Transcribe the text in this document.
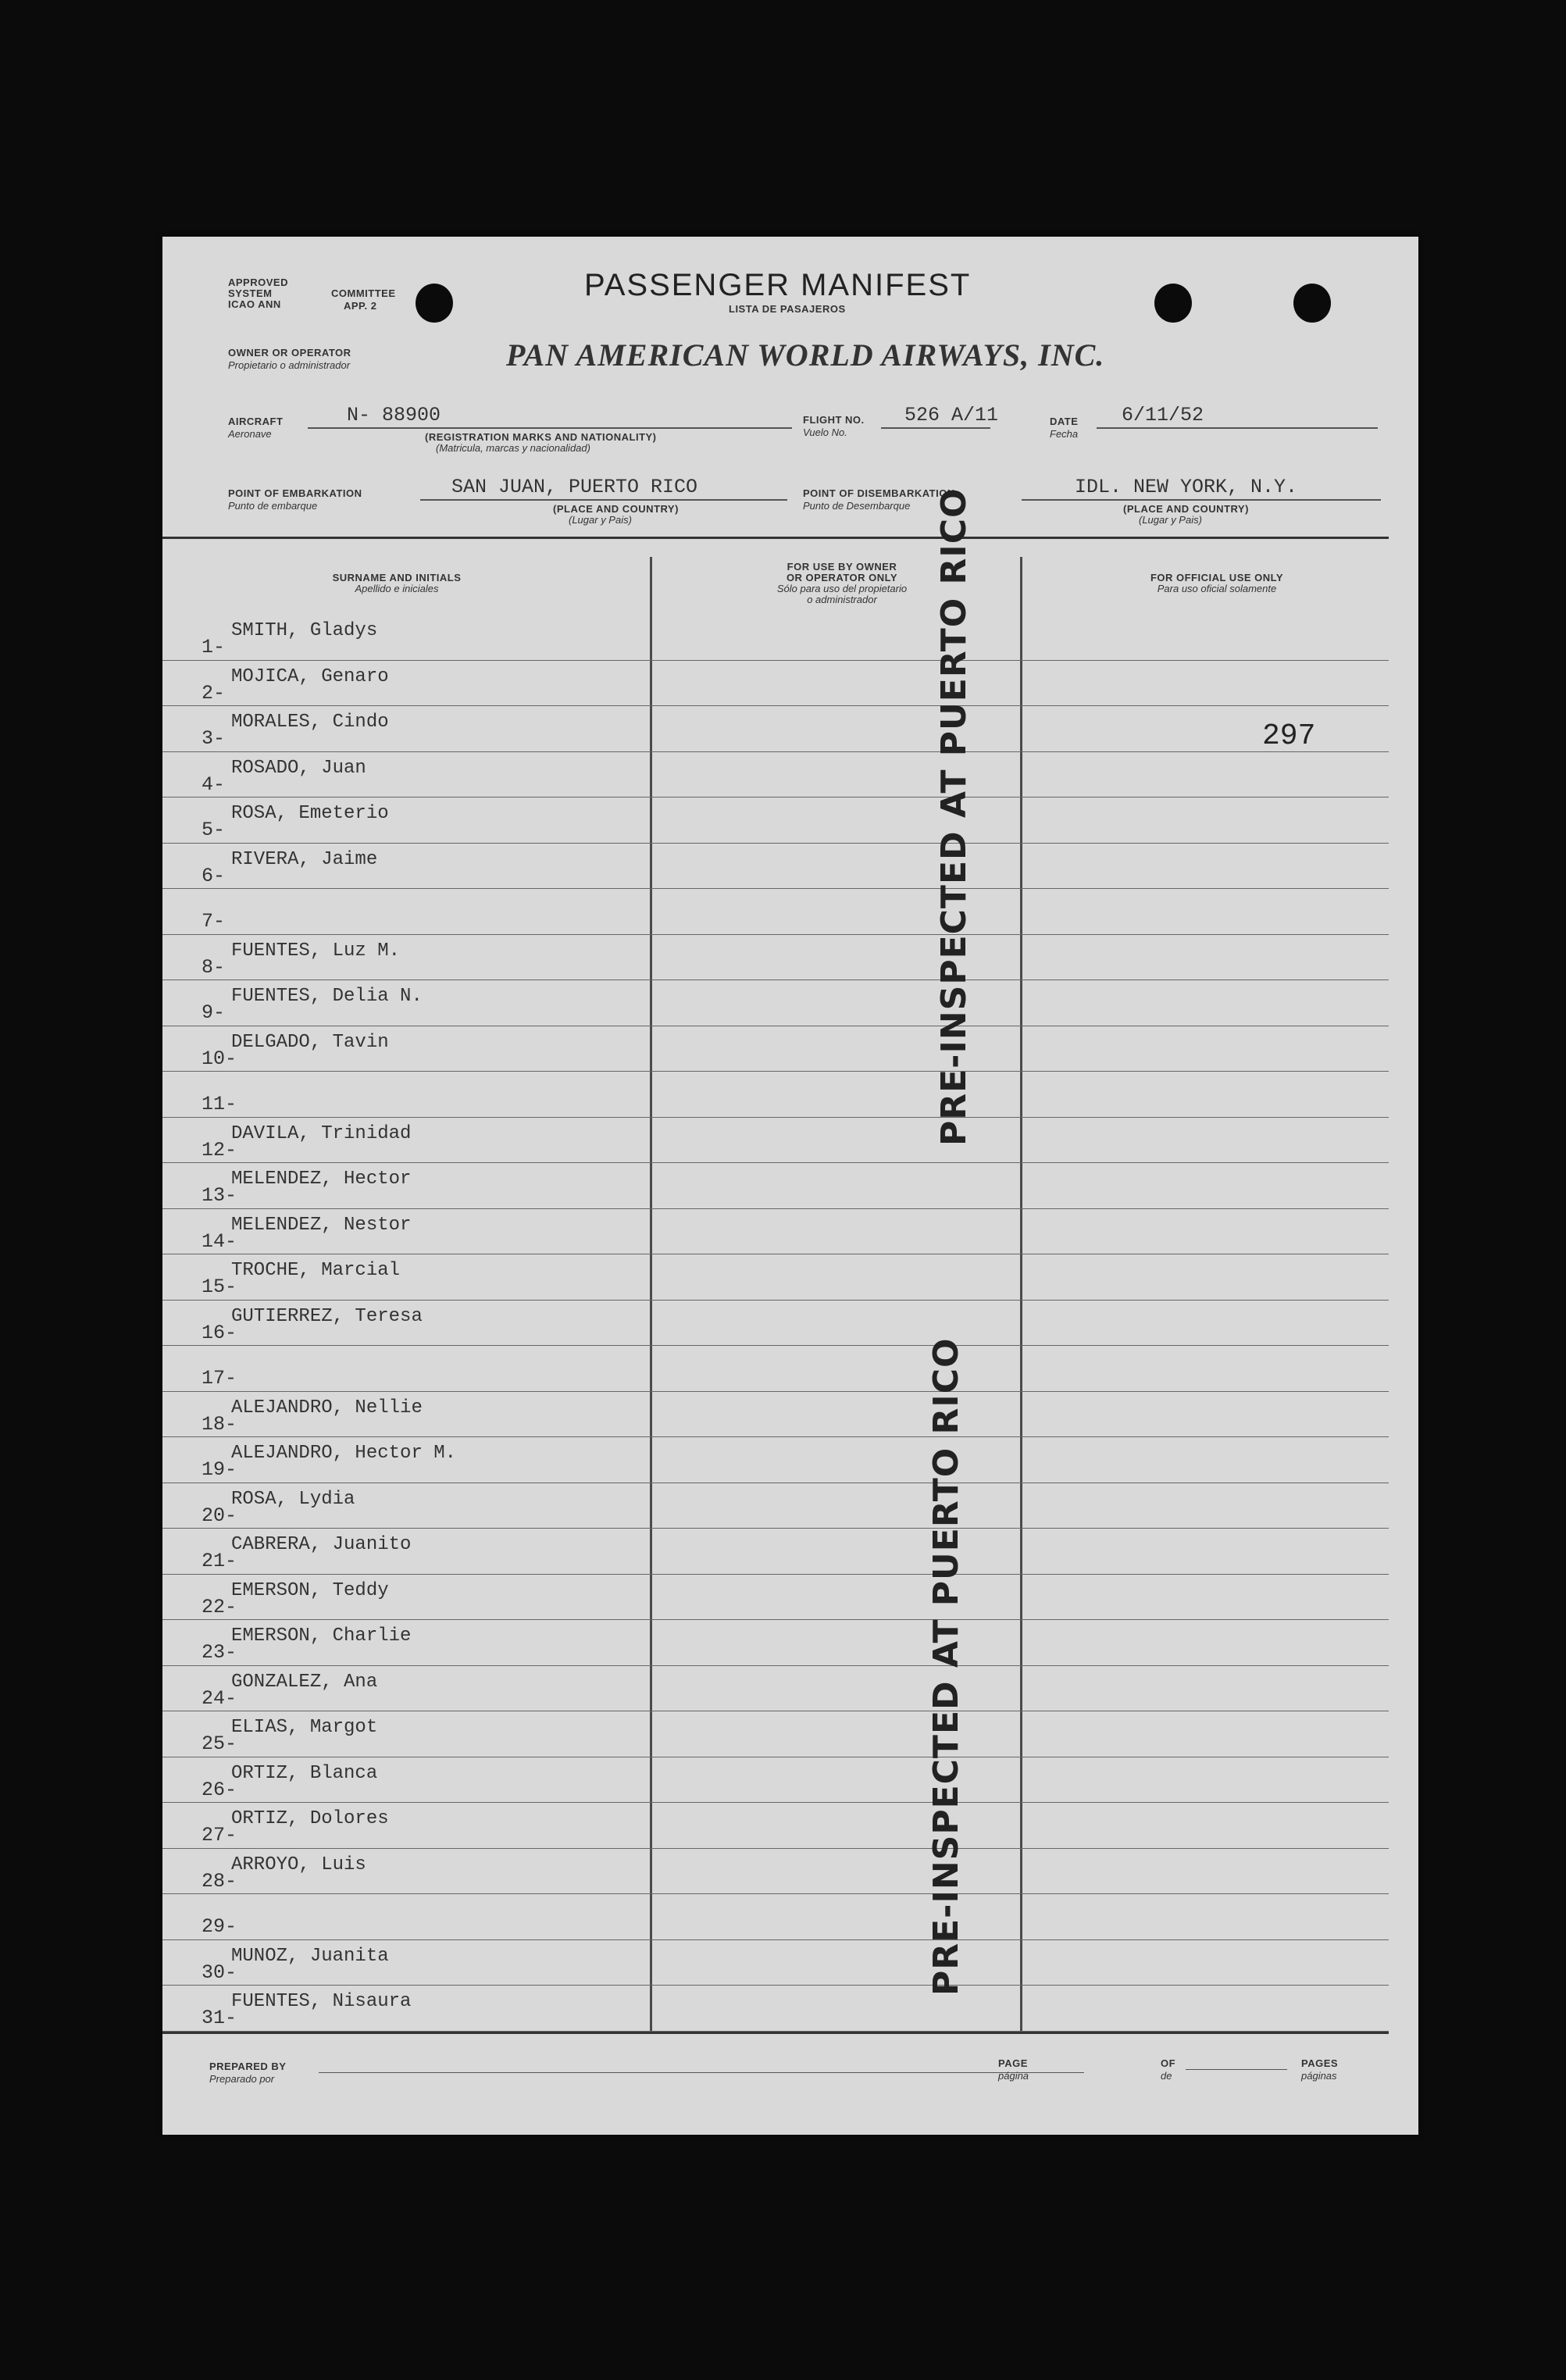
APPROVED
SYSTEM
ICAO ANN
COMMITTEE
APP. 2
PASSENGER MANIFEST
LISTA DE PASAJEROS
OWNER OR OPERATOR
Propietario o administrador	PAN AMERICAN WORLD AIRWAYS, INC.
AIRCRAFT
Aeronave
N- 88900
(REGISTRATION MARKS AND NATIONALITY)
(Matricula, marcas y nacionalidad)
FLIGHT NO.
Vuelo No.
526 A/11	DATE
Fecha
6/11/52
POINT OF EMBARKATION
Punto de embarque
SAN JUAN, PUERTO RICO
(PLACE AND COUNTRY)
(Lugar y Pais)
POINT OF DISEMBARKATION
Punto de Desembarque
IDL. NEW YORK, N.Y.
(PLACE AND COUNTRY)
(Lugar y Pais)
SURNAME AND INITIALS
Apellido e iniciales
FOR USE BY OWNER
OR OPERATOR ONLY
Sólo para uso del propietario
o administrador
FOR OFFICIAL USE ONLY
Para uso oficial solamente
1-
SMITH, Gladys
2-
MOJICA, Genaro
3-
MORALES, Cindo
4-
ROSADO, Juan
5-
ROSA, Emeterio
6-
RIVERA, Jaime
7-
8-
FUENTES, Luz M.
9-
FUENTES, Delia N.
10-
DELGADO, Tavin
11-
12-
DAVILA, Trinidad
13-
MELENDEZ, Hector
14-
MELENDEZ, Nestor
15-
TROCHE, Marcial
16-
GUTIERREZ, Teresa
17-
18-
ALEJANDRO, Nellie
19-
ALEJANDRO, Hector M.
20-
ROSA, Lydia
21-
CABRERA, Juanito
22-
EMERSON, Teddy
23-
EMERSON, Charlie
24-
GONZALEZ, Ana
25-
ELIAS, Margot
26-
ORTIZ, Blanca
27-
ORTIZ, Dolores
28-
ARROYO, Luis
29-
30-
MUNOZ, Juanita
31-
FUENTES, Nisaura
297
PRE-INSPECTED AT PUERTO RICO
PRE-INSPECTED AT PUERTO RICO
PREPARED BY
Preparado por
PAGE
página
OF
de
PAGES
páginas
